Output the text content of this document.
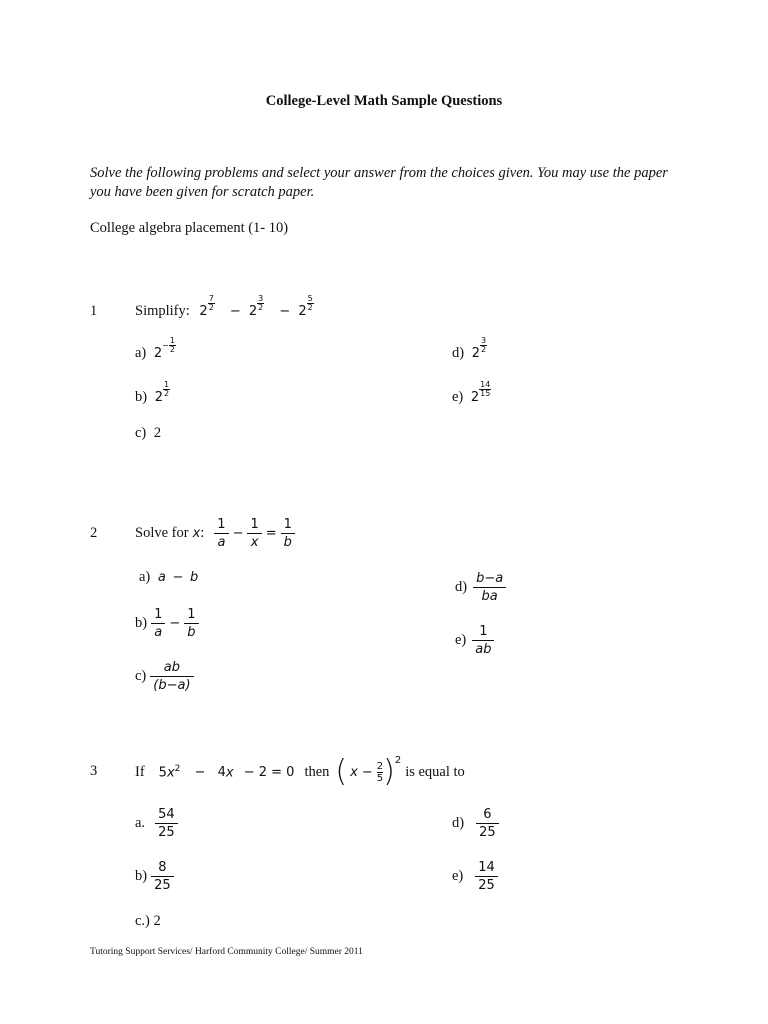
College-Level Math Sample Questions
Solve the following problems and select your answer from the choices given. You may use the paper you have been given for scratch paper.
College algebra placement (1- 10)
1	Simplify: 2
7
2 − 2
3
2 − 2
5
2
a) 2
− 1
2
b) 2
1
2
c) 2
d) 2
3
2
e) 2
14
15
2	Solve for x : $\frac{1}{a} - \frac{1}{x} = \frac{1}{b}$
a) a − b
$b) \frac{1}{a} - \frac{1}{b}$
$c) \frac{ab}{(b-a)}$
$d) \frac{b-a}{ba}$
$e) \frac{1}{ab}$
3	If $5x^2 - 4x - 2 = 0$ then ( $x - \frac{2}{5}$ ) 2
is equal to
a. $\frac{54}{25}$
$b) \frac{8}{25}$
c.) 2
$d) \frac{6}{25}$
$e) \frac{14}{25}$
Tutoring Support Services/ Harford Community College/ Summer 2011
